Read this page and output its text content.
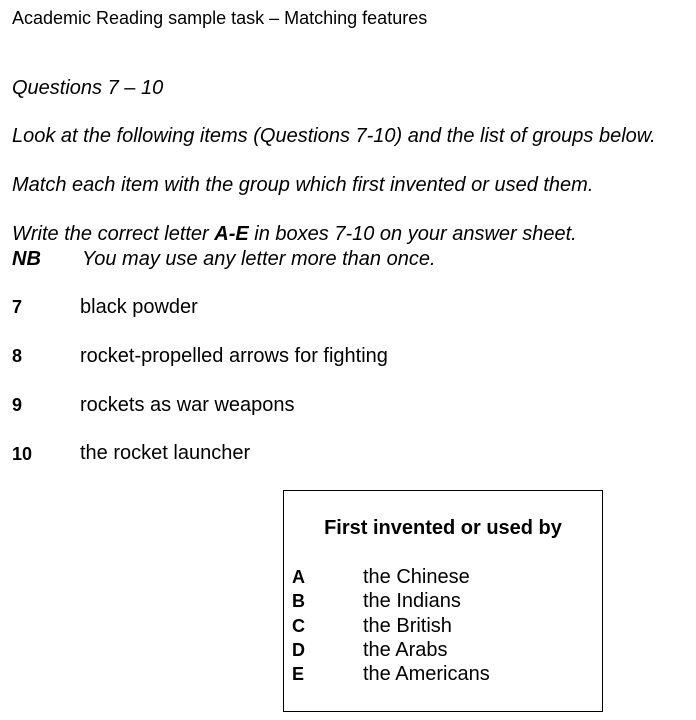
Academic Reading sample task – Matching features
Questions 7 – 10
Look at the following items (Questions 7-10) and the list of groups below.
Match each item with the group which first invented or used them.
Write the correct letter A-E in boxes 7-10 on your answer sheet.
NB You may use any letter more than once.
7	black powder
8	rocket-propelled arrows for fighting
9	rockets as war weapons
10 the rocket launcher
First invented or used by
A	the Chinese
B	the Indians
C	the British
D	the Arabs
E	the Americans
